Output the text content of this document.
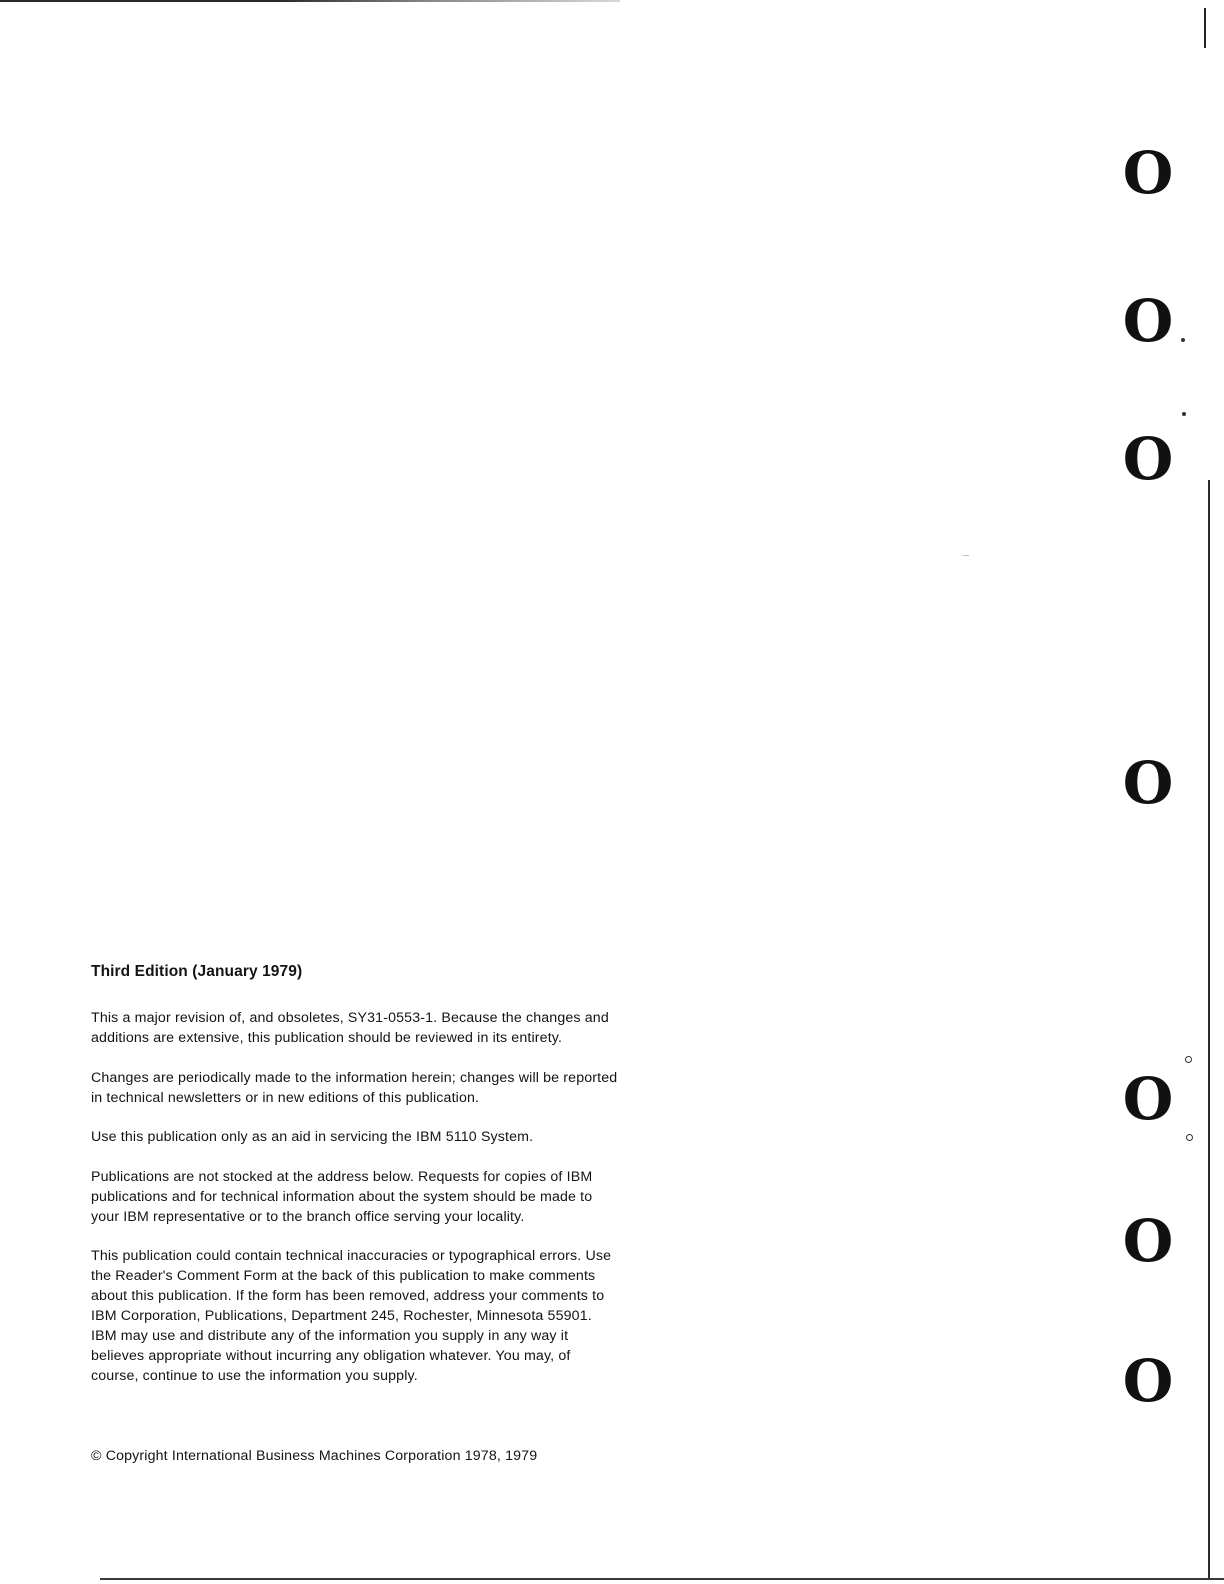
O
O
O
O
O
O
O
Third Edition (January 1979)

This a major revision of, and obsoletes, SY31-0553-1. Because the changes and
additions are extensive, this publication should be reviewed in its entirety.

Changes are periodically made to the information herein; changes will be reported
in technical newsletters or in new editions of this publication.

Use this publication only as an aid in servicing the IBM 5110 System.

Publications are not stocked at the address below. Requests for copies of IBM
publications and for technical information about the system should be made to
your IBM representative or to the branch office serving your locality.

This publication could contain technical inaccuracies or typographical errors. Use
the Reader's Comment Form at the back of this publication to make comments
about this publication. If the form has been removed, address your comments to
IBM Corporation, Publications, Department 245, Rochester, Minnesota 55901.
IBM may use and distribute any of the information you supply in any way it
believes appropriate without incurring any obligation whatever. You may, of
course, continue to use the information you supply.

© Copyright International Business Machines Corporation 1978, 1979
